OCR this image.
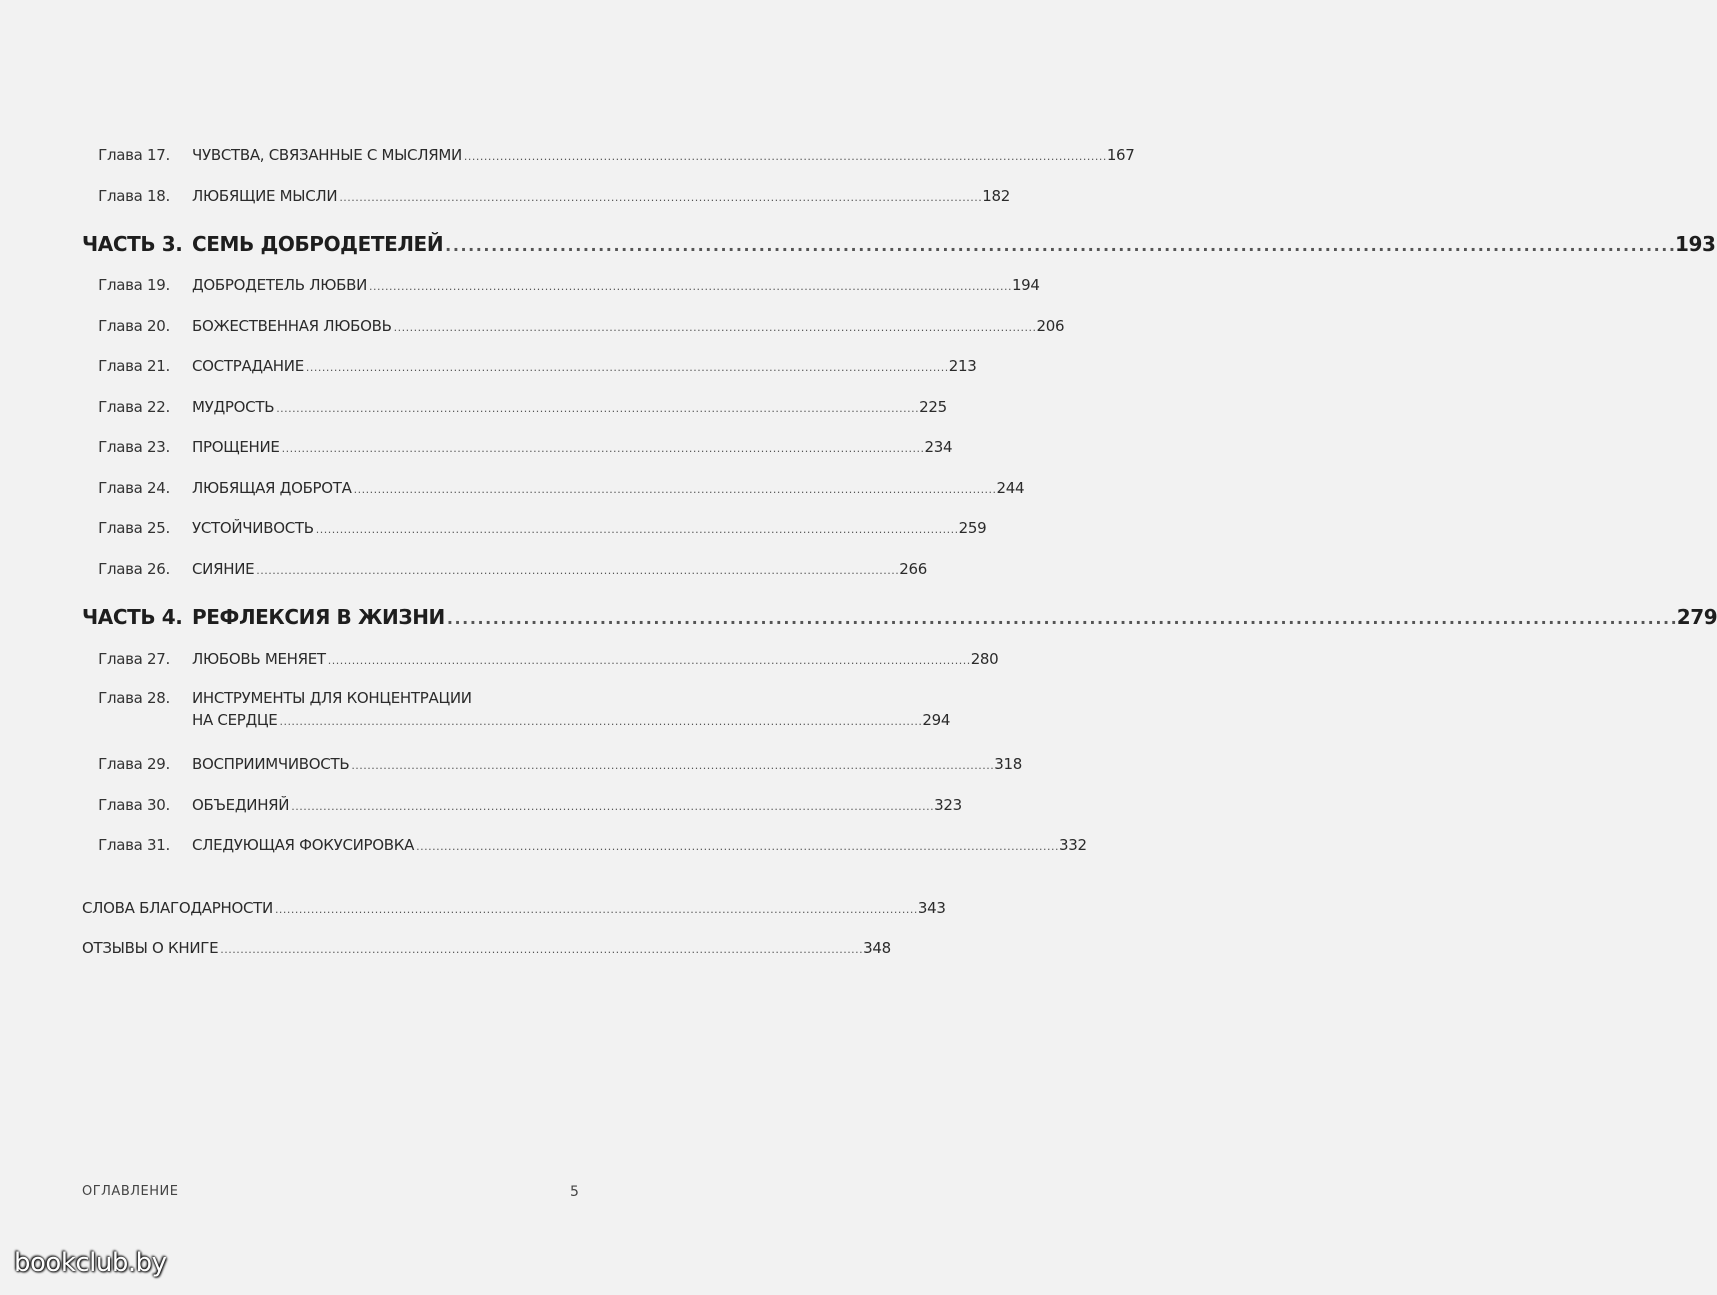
Глава 17.	ЧУВСТВА, СВЯЗАННЫЕ С МЫСЛЯМИ . . .	167
Глава 18.	ЛЮБЯЩИЕ МЫСЛИ . . .	182
ЧАСТЬ 3. СЕМЬ ДОБРОДЕТЕЛЕЙ . . .	193
Глава 19.	ДОБРОДЕТЕЛЬ ЛЮБВИ . . .	194
Глава 20.	БОЖЕСТВЕННАЯ ЛЮБОВЬ . . .	206
Глава 21.	СОСТРАДАНИЕ . . .	213
Глава 22.	МУДРОСТЬ . . .	225
Глава 23.	ПРОЩЕНИЕ . . .	234
Глава 24.	ЛЮБЯЩАЯ ДОБРОТА . . .	244
Глава 25.	УСТОЙЧИВОСТЬ . . .	259
Глава 26.	СИЯНИЕ . . .	266
ЧАСТЬ 4. РЕФЛЕКСИЯ В ЖИЗНИ . . .	279
Глава 27.	ЛЮБОВЬ МЕНЯЕТ . . .	280
Глава 28.	ИНСТРУМЕНТЫ ДЛЯ КОНЦЕНТРАЦИИ
НА СЕРДЦЕ . . .	294
Глава 29.	ВОСПРИИМЧИВОСТЬ . . .	318
Глава 30.	ОБЪЕДИНЯЙ . . .	323
Глава 31.	СЛЕДУЮЩАЯ ФОКУСИРОВКА . . .	332
СЛОВА БЛАГОДАРНОСТИ . . .	343
ОТЗЫВЫ О КНИГЕ . . .	348
ОГЛАВЛЕНИЕ	5
bookclub.by
